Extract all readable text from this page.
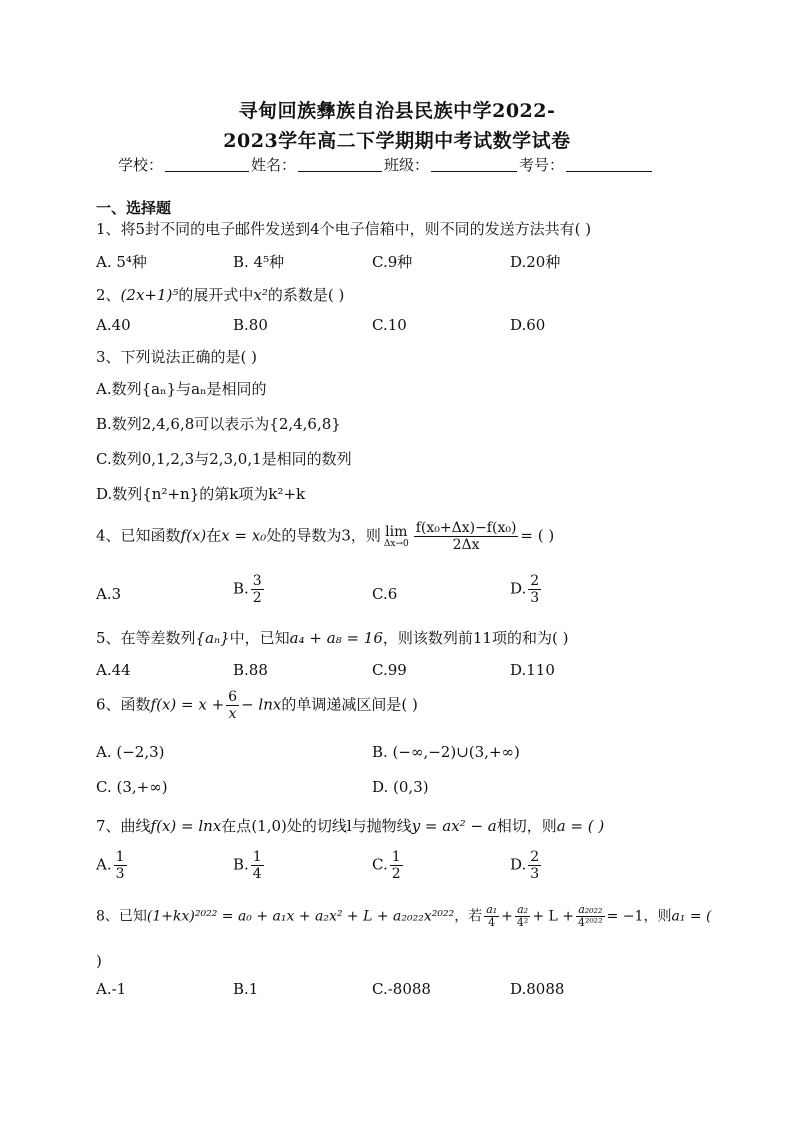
寻甸回族彝族自治县民族中学2022-
2023学年高二下学期期中考试数学试卷
学校：	姓名：	班级：	考号：
一、选择题
1、将5封不同的电子邮件发送到4个电子信箱中，则不同的发送方法共有( )
A. 5⁴种	B. 4⁵种	C.9种	D.20种
2、(2x+1)⁵的展开式中x²的系数是( )
A.40	B.80	C.10	D.60
3、下列说法正确的是( )
A.数列{aₙ}与aₙ是相同的
B.数列2,4,6,8可以表示为{2,4,6,8}
C.数列0,1,2,3与2,3,0,1是相同的数列
D.数列{n²+n}的第k项为k²+k
4、已知函数f(x)在x = x₀处的导数为3，则 lim
$\Delta x\to 0 \frac{\text{f(x₀+Δx)−f(x₀)}}{2\Delta x}$ = ( )
A.3	B. $\frac{3}{2}$	C.6	D. $\frac{2}{3}$
5、在等差数列{aₙ}中，已知a₄ + a₈ = 16，则该数列前11项的和为( )
A.44	B.88	C.99	D.110
6、函数$f(x) = x + \frac{6}{x} - \ln x$的单调递减区间是( )
A. (−2,3)	B. (−∞,−2)∪(3,+∞)
C. (3,+∞)	D. (0,3)
7、曲线f(x) = lnx在点(1,0)处的切线l与抛物线y = ax² − a相切，则a = ( )
A. $\frac{1}{3}$	B. $\frac{1}{4}$	C. $\frac{1}{2}$	D. $\frac{2}{3}$
8、已知(1+kx)²⁰²² = a₀ + a₁x + a₂x² + L + a₂₀₂₂x²⁰²²，若 $\frac{\text{a₁}}{4} + \frac{\text{a₂}}{\text{4²}} + L + \frac{\text{a₂₀₂₂}}{\text{4²⁰²²}} = -1$，则a₁ = (
)
A.-1	B.1	C.-8088	D.8088
